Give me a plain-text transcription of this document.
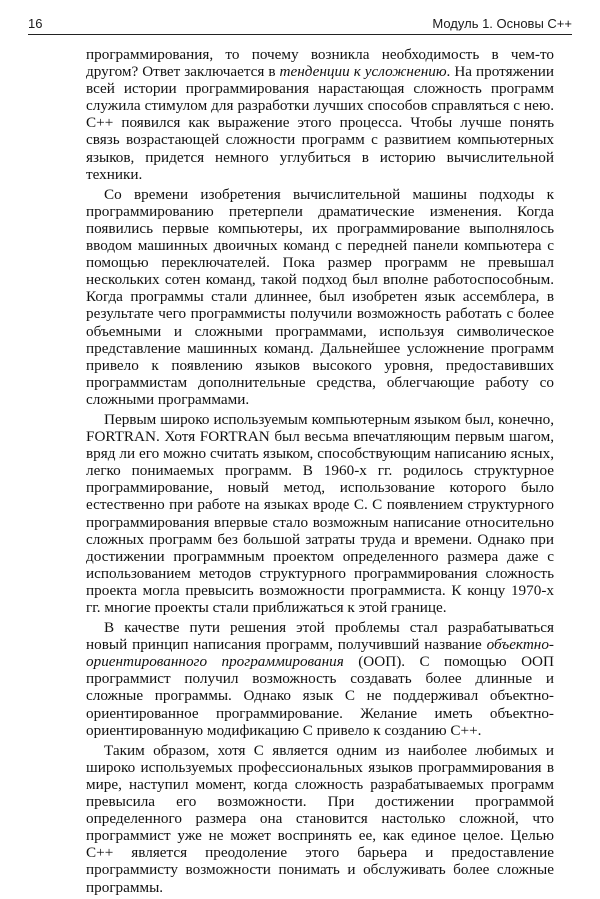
16	Модуль 1. Основы C++

программирования, то почему возникла необходимость в чем-то другом? Ответ заключается в тенденции к усложнению. На протяжении всей истории программирования нарастающая сложность программ служила стимулом для разработки лучших способов справляться с нею. C++ появился как выражение этого процесса. Чтобы лучше понять связь возрастающей сложности программ с развитием компьютерных языков, придется немного углубиться в историю вычислительной техники.

Со времени изобретения вычислительной машины подходы к программированию претерпели драматические изменения. Когда появились первые компьютеры, их программирование выполнялось вводом машинных двоичных команд с передней панели компьютера с помощью переключателей. Пока размер программ не превышал нескольких сотен команд, такой подход был вполне работоспособным. Когда программы стали длиннее, был изобретен язык ассемблера, в результате чего программисты получили возможность работать с более объемными и сложными программами, используя символическое представление машинных команд. Дальнейшее усложнение программ привело к появлению языков высокого уровня, предоставивших программистам дополнительные средства, облегчающие работу со сложными программами.

Первым широко используемым компьютерным языком был, конечно, FORTRAN. Хотя FORTRAN был весьма впечатляющим первым шагом, вряд ли его можно считать языком, способствующим написанию ясных, легко понимаемых программ. В 1960-х гг. родилось структурное программирование, новый метод, использование которого было естественно при работе на языках вроде С. С появлением структурного программирования впервые стало возможным написание относительно сложных программ без большой затраты труда и времени. Однако при достижении программным проектом определенного размера даже с использованием методов структурного программирования сложность проекта могла превысить возможности программиста. К концу 1970-х гг. многие проекты стали приближаться к этой границе.

В качестве пути решения этой проблемы стал разрабатываться новый принцип написания программ, получивший название объектно-ориентированного программирования (ООП). С помощью ООП программист получил возможность создавать более длинные и сложные программы. Однако язык С не поддерживал объектно-ориентированное программирование. Желание иметь объектно-ориентированную модификацию С привело к созданию C++.

Таким образом, хотя С является одним из наиболее любимых и широко используемых профессиональных языков программирования в мире, наступил момент, когда сложность разрабатываемых программ превысила его возможности. При достижении программой определенного размера она становится настолько сложной, что программист уже не может воспринять ее, как единое целое. Целью C++ является преодоление этого барьера и предоставление программисту возможности понимать и обслуживать более сложные программы.
